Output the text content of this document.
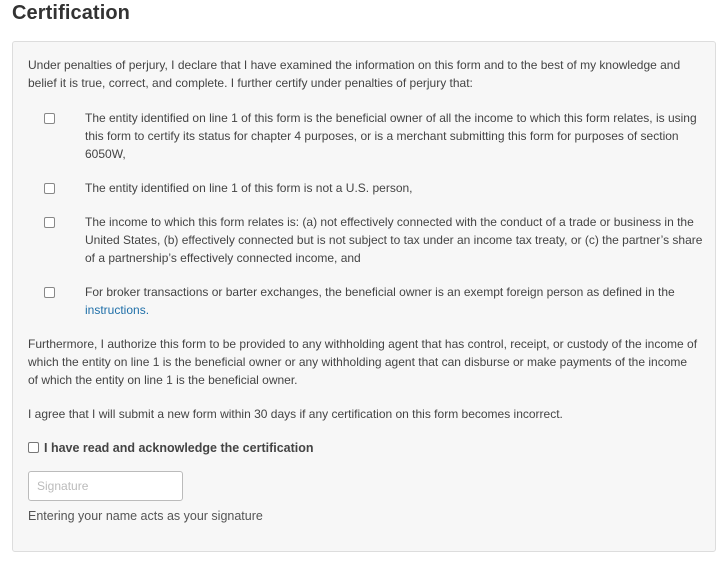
Certification

Under penalties of perjury, I declare that I have examined the information on this form and to the best of my knowledge and belief it is true, correct, and complete. I further certify under penalties of perjury that:

The entity identified on line 1 of this form is the beneficial owner of all the income to which this form relates, is using this form to certify its status for chapter 4 purposes, or is a merchant submitting this form for purposes of section 6050W,
The entity identified on line 1 of this form is not a U.S. person,
The income to which this form relates is: (a) not effectively connected with the conduct of a trade or business in the United States, (b) effectively connected but is not subject to tax under an income tax treaty, or (c) the partner’s share of a partnership’s effectively connected income, and
For broker transactions or barter exchanges, the beneficial owner is an exempt foreign person as defined in the
instructions.

Furthermore, I authorize this form to be provided to any withholding agent that has control, receipt, or custody of the income of which the entity on line 1 is the beneficial owner or any withholding agent that can disburse or make payments of the income of which the entity on line 1 is the beneficial owner.

I agree that I will submit a new form within 30 days if any certification on this form becomes incorrect.

I have read and acknowledge the certification
Signature
Entering your name acts as your signature
